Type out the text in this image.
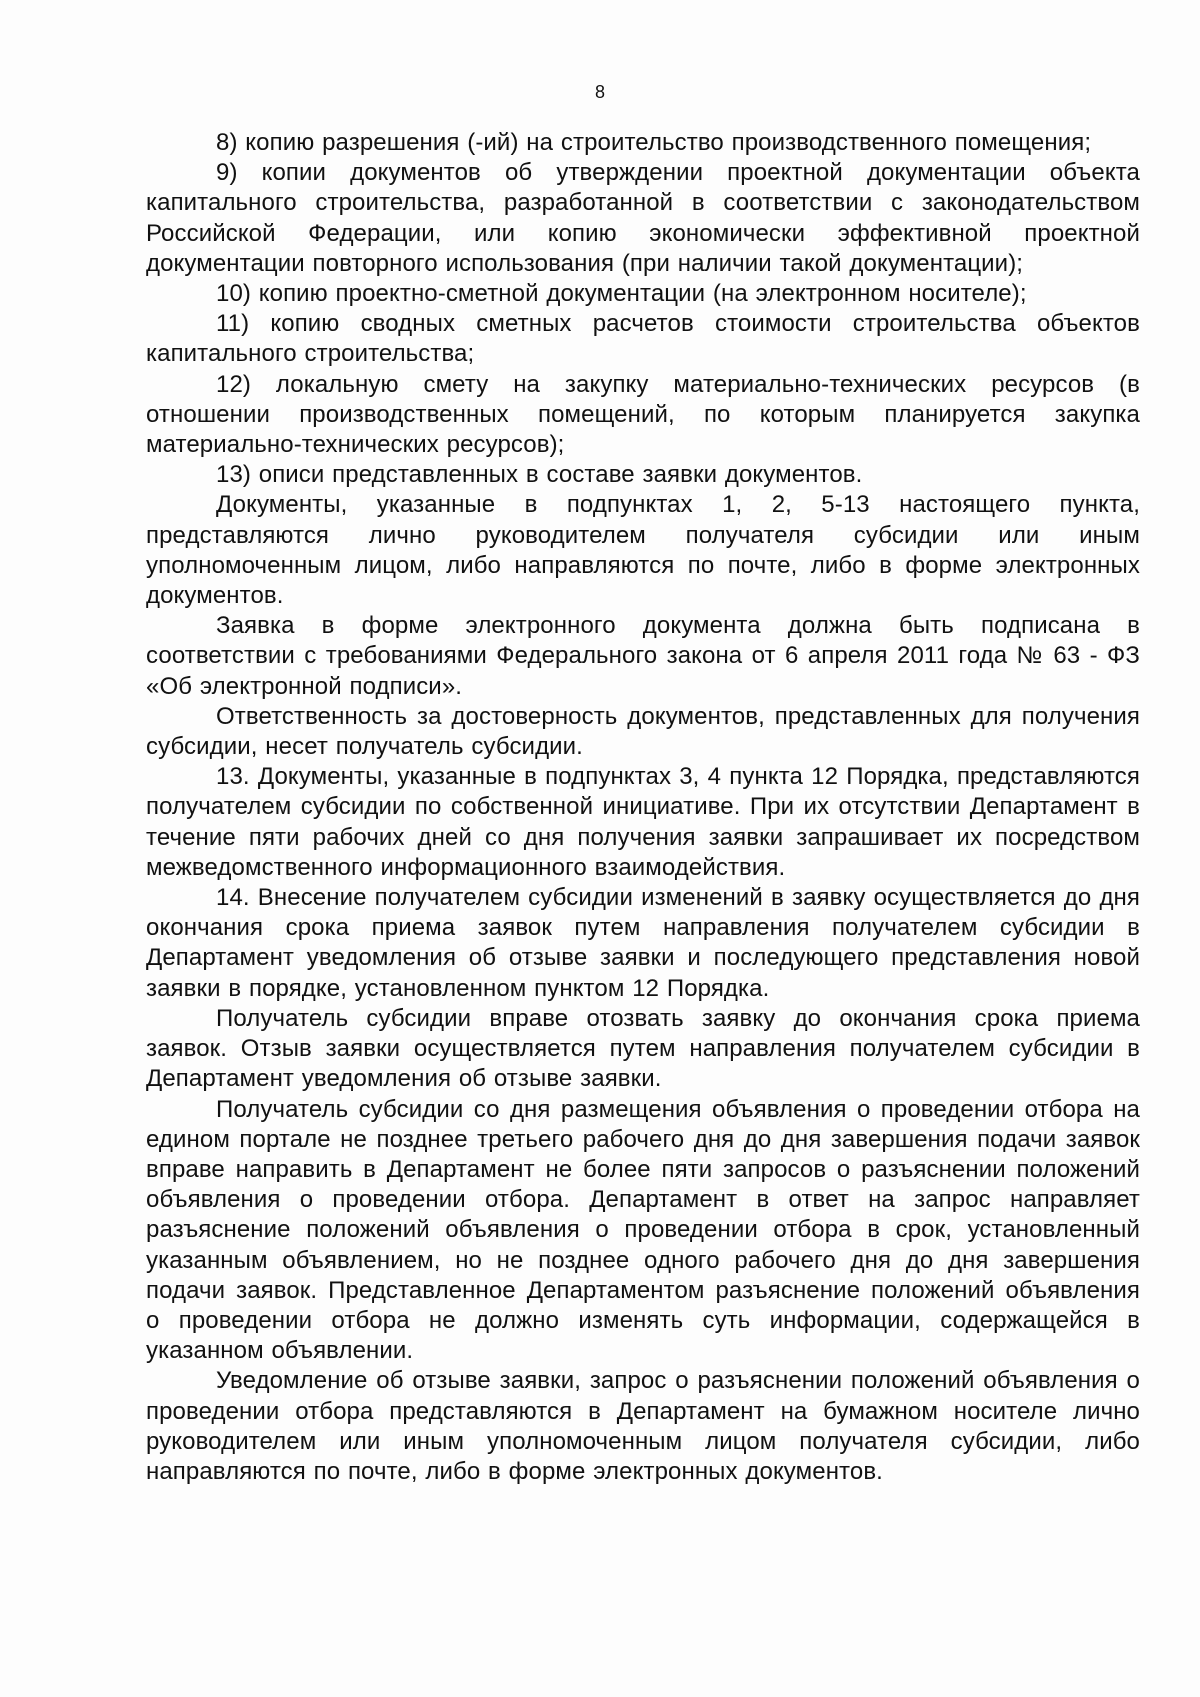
8

8) копию разрешения (-ий) на строительство производственного помещения;

9) копии документов об утверждении проектной документации объекта капитального строительства, разработанной в соответствии с законодательством Российской Федерации, или копию экономически эффективной проектной документации повторного использования (при наличии такой документации);

10) копию проектно-сметной документации (на электронном носителе);

11) копию сводных сметных расчетов стоимости строительства объектов капитального строительства;

12) локальную смету на закупку материально-технических ресурсов (в отношении производственных помещений, по которым планируется закупка материально-технических ресурсов);

13) описи представленных в составе заявки документов.

Документы, указанные в подпунктах 1, 2, 5-13 настоящего пункта, представляются лично руководителем получателя субсидии или иным уполномоченным лицом, либо направляются по почте, либо в форме электронных документов.

Заявка в форме электронного документа должна быть подписана в соответствии с требованиями Федерального закона от 6 апреля 2011 года № 63 - ФЗ «Об электронной подписи».

Ответственность за достоверность документов, представленных для получения субсидии, несет получатель субсидии.

13. Документы, указанные в подпунктах 3, 4 пункта 12 Порядка, представляются получателем субсидии по собственной инициативе. При их отсутствии Департамент в течение пяти рабочих дней со дня получения заявки запрашивает их посредством межведомственного информационного взаимодействия.

14. Внесение получателем субсидии изменений в заявку осуществляется до дня окончания срока приема заявок путем направления получателем субсидии в Департамент уведомления об отзыве заявки и последующего представления новой заявки в порядке, установленном пунктом 12 Порядка.

Получатель субсидии вправе отозвать заявку до окончания срока приема заявок. Отзыв заявки осуществляется путем направления получателем субсидии в Департамент уведомления об отзыве заявки.

Получатель субсидии со дня размещения объявления о проведении отбора на едином портале не позднее третьего рабочего дня до дня завершения подачи заявок вправе направить в Департамент не более пяти запросов о разъяснении положений объявления о проведении отбора. Департамент в ответ на запрос направляет разъяснение положений объявления о проведении отбора в срок, установленный указанным объявлением, но не позднее одного рабочего дня до дня завершения подачи заявок. Представленное Департаментом разъяснение положений объявления о проведении отбора не должно изменять суть информации, содержащейся в указанном объявлении.

Уведомление об отзыве заявки, запрос о разъяснении положений объявления о проведении отбора представляются в Департамент на бумажном носителе лично руководителем или иным уполномоченным лицом получателя субсидии, либо направляются по почте, либо в форме электронных документов.
